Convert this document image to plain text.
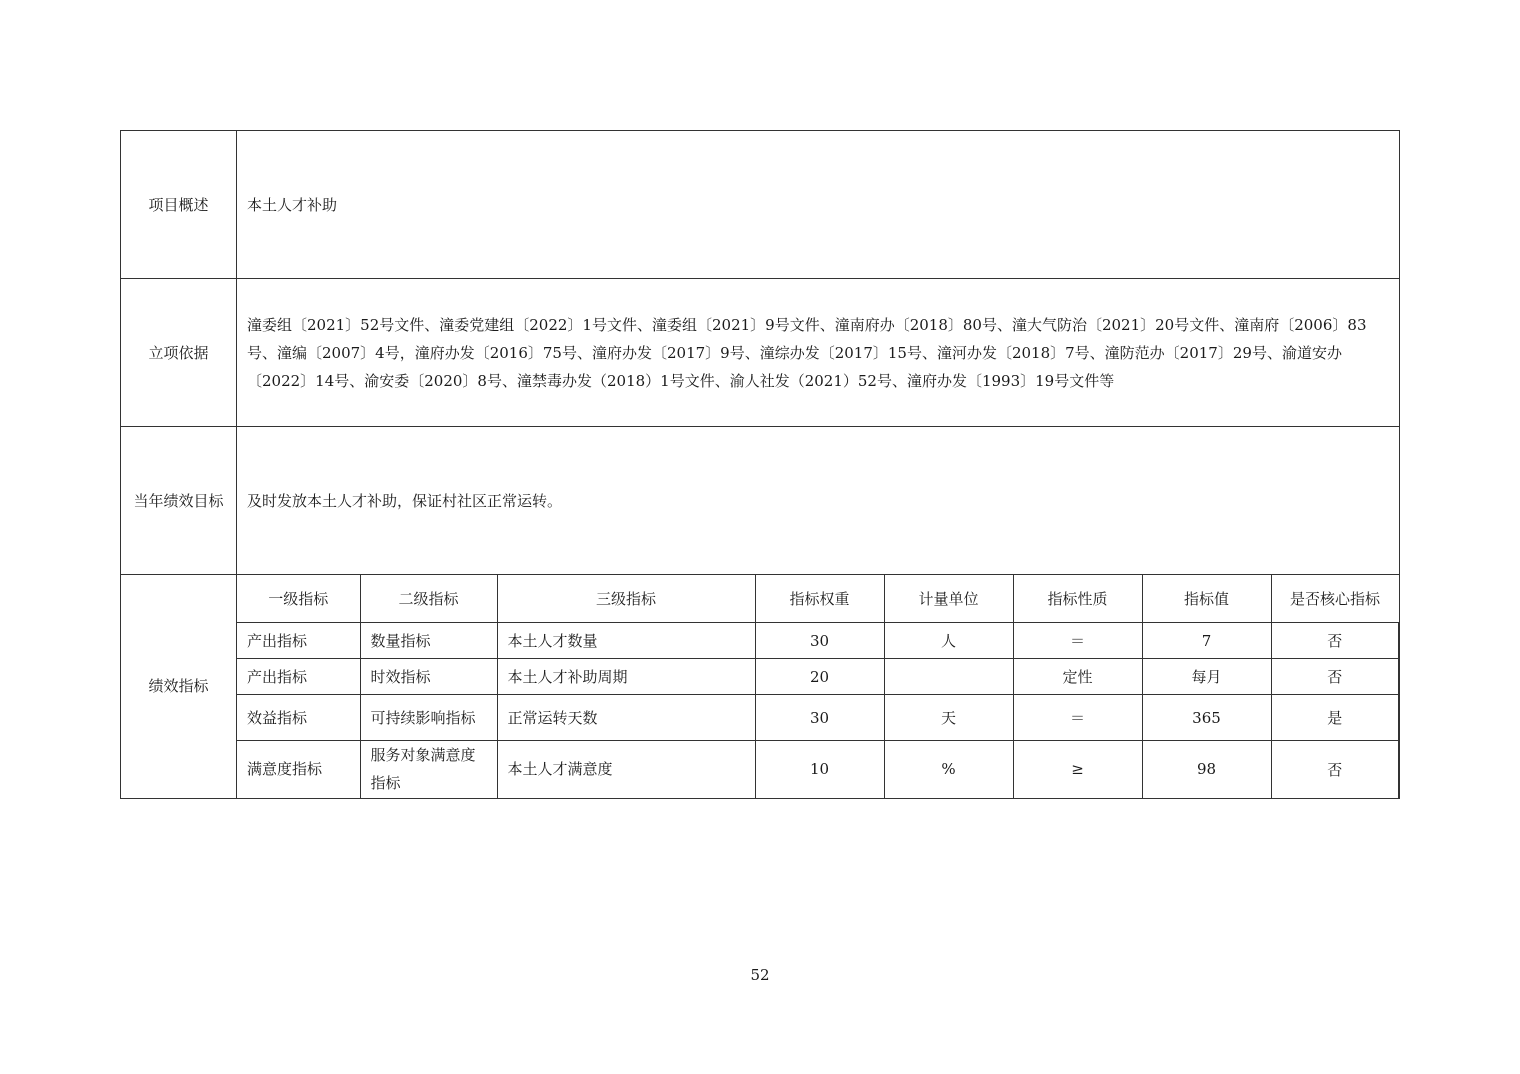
项目概述	本土人才补助
立项依据	潼委组〔2021〕52号文件、潼委党建组〔2022〕1号文件、潼委组〔2021〕9号文件、潼南府办〔2018〕80号、潼大气防治〔2021〕20号文件、潼南府〔2006〕83号、潼编〔2007〕4号，潼府办发〔2016〕75号、潼府办发〔2017〕9号、潼综办发〔2017〕15号、潼河办发〔2018〕7号、潼防范办〔2017〕29号、渝道安办〔2022〕14号、渝安委〔2020〕8号、潼禁毒办发（2018）1号文件、渝人社发（2021）52号、潼府办发〔1993〕19号文件等
当年绩效目标	及时发放本土人才补助，保证村社区正常运转。
绩效指标	
一级指标	二级指标	三级指标	指标权重	计量单位	指标性质	指标值	是否核心指标
产出指标	数量指标	本土人才数量	30	人	＝	7	否
产出指标	时效指标	本土人才补助周期	20		定性	每月	否
效益指标	可持续影响指标	正常运转天数	30	天	＝	365	是
满意度指标	服务对象满意度指标	本土人才满意度	10	%	≥	98	否
52
